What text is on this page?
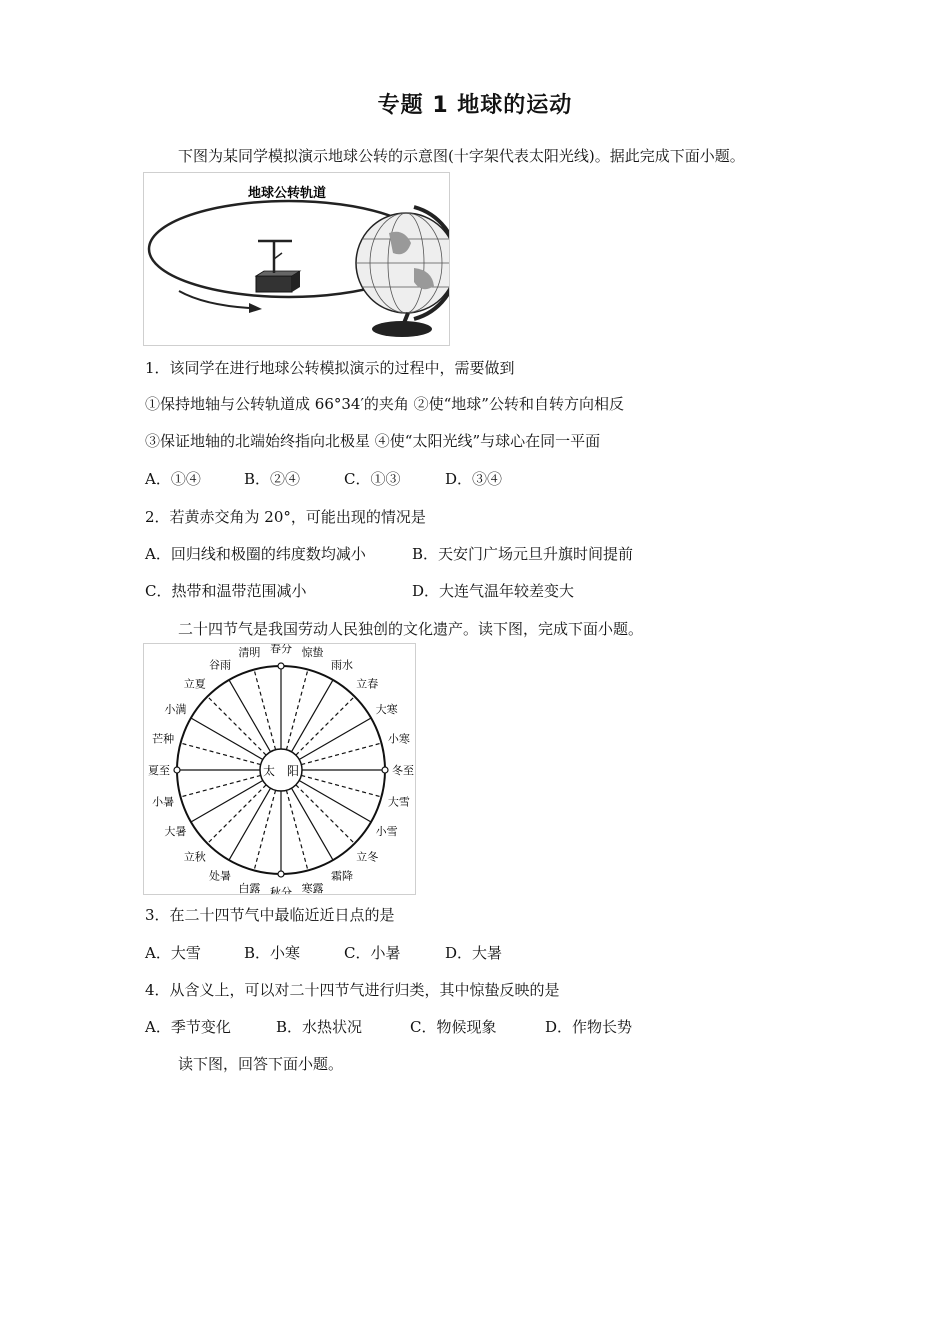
专题 1 地球的运动
下图为某同学模拟演示地球公转的示意图(十字架代表太阳光线)。据此完成下面小题。
地球公转轨道
1．该同学在进行地球公转模拟演示的过程中，需要做到
①保持地轴与公转轨道成 66°34′的夹角 ②使“地球”公转和自转方向相反
③保证地轴的北端始终指向北极星 ④使“太阳光线”与球心在同一平面
A．①④	B．②④	C．①③	D．③④
2．若黄赤交角为 20°，可能出现的情况是
A．回归线和极圈的纬度数均减小	B．天安门广场元旦升旗时间提前
C．热带和温带范围减小	D．大连气温年较差变大
二十四节气是我国劳动人民独创的文化遗产。读下图，完成下面小题。
太 阳	冬至
小寒
大寒
立春
雨水
惊蛰
春分
清明
谷雨
立夏
小满
芒种
夏至
小暑
大暑
立秋
处暑
白露 秋分 寒露
霜降
立冬
小雪
大雪
3．在二十四节气中最临近近日点的是
A．大雪	B．小寒	C．小暑	D．大暑
4．从含义上，可以对二十四节气进行归类，其中惊蛰反映的是
A．季节变化	B．水热状况	C．物候现象	D．作物长势
读下图，回答下面小题。
